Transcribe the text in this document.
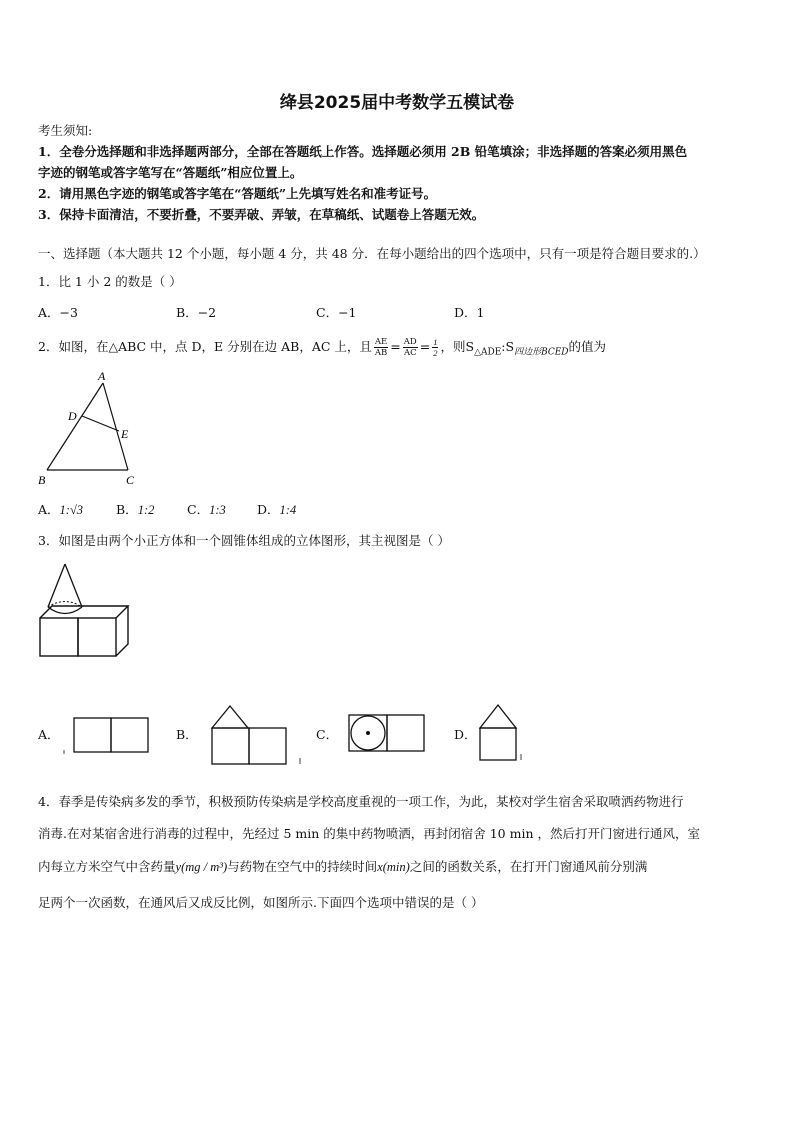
绛县2025届中考数学五模试卷
考生须知:
1．全卷分选择题和非选择题两部分，全部在答题纸上作答。选择题必须用 2B 铅笔填涂；非选择题的答案必须用黑色
字迹的钢笔或答字笔写在“答题纸”相应位置上。
2．请用黑色字迹的钢笔或答字笔在“答题纸”上先填写姓名和准考证号。
3．保持卡面清洁，不要折叠，不要弄破、弄皱，在草稿纸、试题卷上答题无效。
一、选择题（本大题共 12 个小题，每小题 4 分，共 48 分．在每小题给出的四个选项中，只有一项是符合题目要求的.）
1．比 1 小 2 的数是（ ）
A．−3	B．−2	C．−1	D．1
2．如图，在△ABC 中，点 D，E 分别在边 AB，AC 上，且 $\frac{AE}{AB} = \frac{AD}{AC} = \frac{1}{2}$ ，则$S_{\triangle ADE}:S_{四边形BCED}$的值为
A
D
E
B	C
A．1:√3	B．1:2	C．1:3	D．1:4
3．如图是由两个小正方体和一个圆锥体组成的立体图形，其主视图是（ ）
A．	B．	C．	D．
4．春季是传染病多发的季节，积极预防传染病是学校高度重视的一项工作，为此，某校对学生宿舍采取喷洒药物进行
消毒.在对某宿舍进行消毒的过程中，先经过 5 min 的集中药物喷洒，再封闭宿舍 10 min ，然后打开门窗进行通风，室
内每立方米空气中含药量y(mg / m³)与药物在空气中的持续时间x(min)之间的函数关系，在打开门窗通风前分别满
足两个一次函数，在通风后又成反比例，如图所示.下面四个选项中错误的是（ ）
